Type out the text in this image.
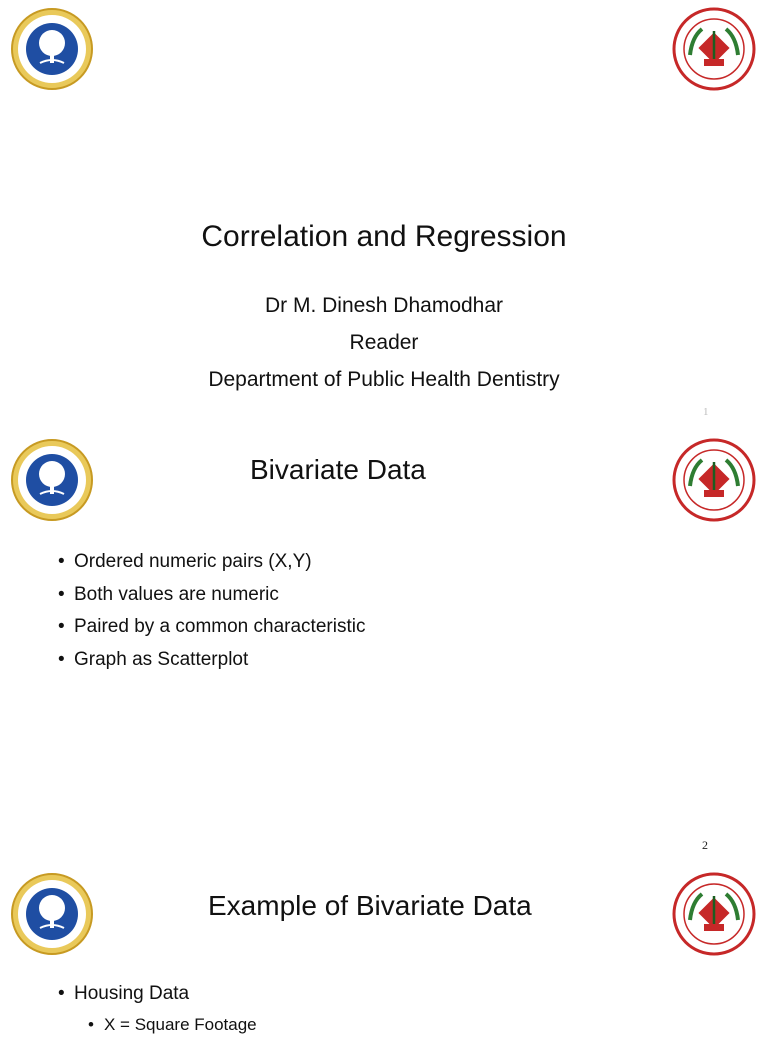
Correlation and Regression
Dr M. Dinesh Dhamodhar
Reader
Department of Public Health Dentistry
1
Bivariate Data
• Ordered numeric pairs (X,Y)
• Both values are numeric
• Paired by a common characteristic
• Graph as Scatterplot
2
Example of Bivariate Data
• Housing Data
• X = Square Footage
